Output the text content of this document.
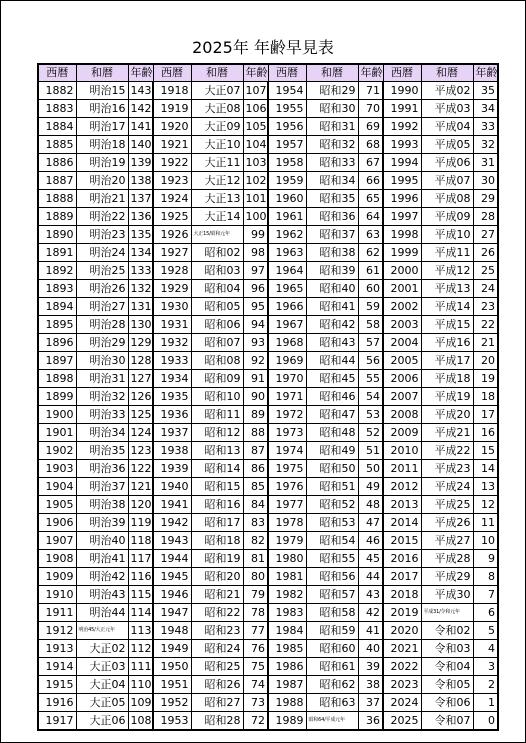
2025年 年齢早見表
西暦	和暦	年齢	西暦	和暦	年齢	西暦	和暦	年齢	西暦	和暦	年齢
1882	明治15	143	1918	大正07	107	1954	昭和29	71	1990	平成02	35
1883	明治16	142	1919	大正08	106	1955	昭和30	70	1991	平成03	34
1884	明治17	141	1920	大正09	105	1956	昭和31	69	1992	平成04	33
1885	明治18	140	1921	大正10	104	1957	昭和32	68	1993	平成05	32
1886	明治19	139	1922	大正11	103	1958	昭和33	67	1994	平成06	31
1887	明治20	138	1923	大正12	102	1959	昭和34	66	1995	平成07	30
1888	明治21	137	1924	大正13	101	1960	昭和35	65	1996	平成08	29
1889	明治22	136	1925	大正14	100	1961	昭和36	64	1997	平成09	28
1890	明治23	135	1926	大正15/昭和元年	99	1962	昭和37	63	1998	平成10	27
1891	明治24	134	1927	昭和02	98	1963	昭和38	62	1999	平成11	26
1892	明治25	133	1928	昭和03	97	1964	昭和39	61	2000	平成12	25
1893	明治26	132	1929	昭和04	96	1965	昭和40	60	2001	平成13	24
1894	明治27	131	1930	昭和05	95	1966	昭和41	59	2002	平成14	23
1895	明治28	130	1931	昭和06	94	1967	昭和42	58	2003	平成15	22
1896	明治29	129	1932	昭和07	93	1968	昭和43	57	2004	平成16	21
1897	明治30	128	1933	昭和08	92	1969	昭和44	56	2005	平成17	20
1898	明治31	127	1934	昭和09	91	1970	昭和45	55	2006	平成18	19
1899	明治32	126	1935	昭和10	90	1971	昭和46	54	2007	平成19	18
1900	明治33	125	1936	昭和11	89	1972	昭和47	53	2008	平成20	17
1901	明治34	124	1937	昭和12	88	1973	昭和48	52	2009	平成21	16
1902	明治35	123	1938	昭和13	87	1974	昭和49	51	2010	平成22	15
1903	明治36	122	1939	昭和14	86	1975	昭和50	50	2011	平成23	14
1904	明治37	121	1940	昭和15	85	1976	昭和51	49	2012	平成24	13
1905	明治38	120	1941	昭和16	84	1977	昭和52	48	2013	平成25	12
1906	明治39	119	1942	昭和17	83	1978	昭和53	47	2014	平成26	11
1907	明治40	118	1943	昭和18	82	1979	昭和54	46	2015	平成27	10
1908	明治41	117	1944	昭和19	81	1980	昭和55	45	2016	平成28	9
1909	明治42	116	1945	昭和20	80	1981	昭和56	44	2017	平成29	8
1910	明治43	115	1946	昭和21	79	1982	昭和57	43	2018	平成30	7
1911	明治44	114	1947	昭和22	78	1983	昭和58	42	2019	平成31/令和元年	6
1912	明治45/大正元年	113	1948	昭和23	77	1984	昭和59	41	2020	令和02	5
1913	大正02	112	1949	昭和24	76	1985	昭和60	40	2021	令和03	4
1914	大正03	111	1950	昭和25	75	1986	昭和61	39	2022	令和04	3
1915	大正04	110	1951	昭和26	74	1987	昭和62	38	2023	令和05	2
1916	大正05	109	1952	昭和27	73	1988	昭和63	37	2024	令和06	1
1917	大正06	108	1953	昭和28	72	1989	昭和64/平成元年	36	2025	令和07	0
